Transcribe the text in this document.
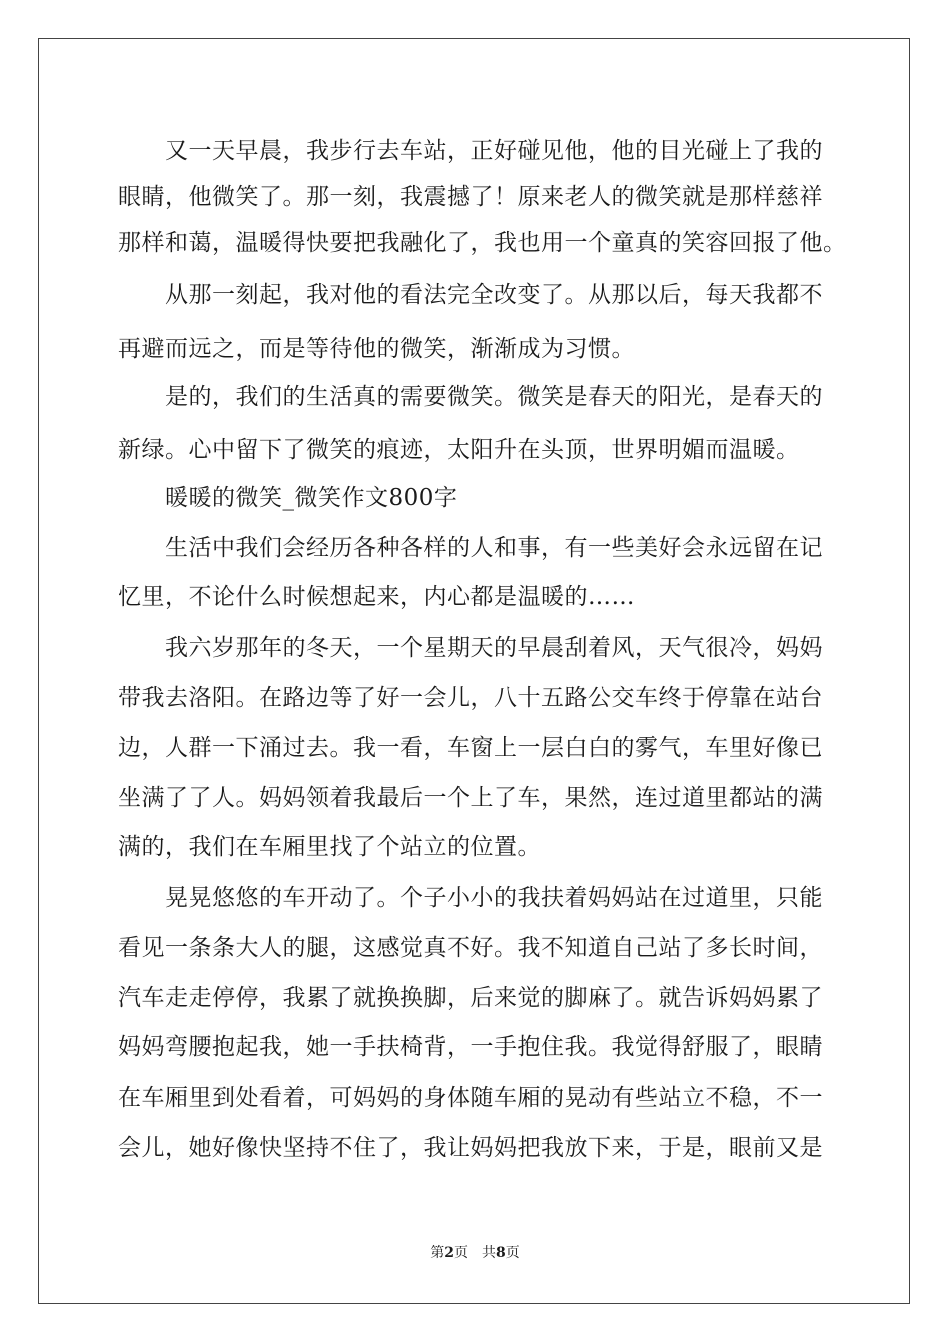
　　又一天早晨，我步行去车站，正好碰见他，他的目光碰上了我的
眼睛，他微笑了。那一刻，我震撼了！原来老人的微笑就是那样慈祥
那样和蔼，温暖得快要把我融化了，我也用一个童真的笑容回报了他。
　　从那一刻起，我对他的看法完全改变了。从那以后，每天我都不
再避而远之，而是等待他的微笑，渐渐成为习惯。
　　是的，我们的生活真的需要微笑。微笑是春天的阳光，是春天的
新绿。心中留下了微笑的痕迹，太阳升在头顶，世界明媚而温暖。
　　暖暖的微笑_微笑作文800字
　　生活中我们会经历各种各样的人和事，有一些美好会永远留在记
忆里，不论什么时候想起来，内心都是温暖的……
　　我六岁那年的冬天，一个星期天的早晨刮着风，天气很冷，妈妈
带我去洛阳。在路边等了好一会儿，八十五路公交车终于停靠在站台
边，人群一下涌过去。我一看，车窗上一层白白的雾气，车里好像已
坐满了了人。妈妈领着我最后一个上了车，果然，连过道里都站的满
满的，我们在车厢里找了个站立的位置。
　　晃晃悠悠的车开动了。个子小小的我扶着妈妈站在过道里，只能
看见一条条大人的腿，这感觉真不好。我不知道自己站了多长时间，
汽车走走停停，我累了就换换脚，后来觉的脚麻了。就告诉妈妈累了
妈妈弯腰抱起我，她一手扶椅背，一手抱住我。我觉得舒服了，眼睛
在车厢里到处看着，可妈妈的身体随车厢的晃动有些站立不稳，不一
会儿，她好像快坚持不住了，我让妈妈把我放下来，于是，眼前又是
第2页　共8页
